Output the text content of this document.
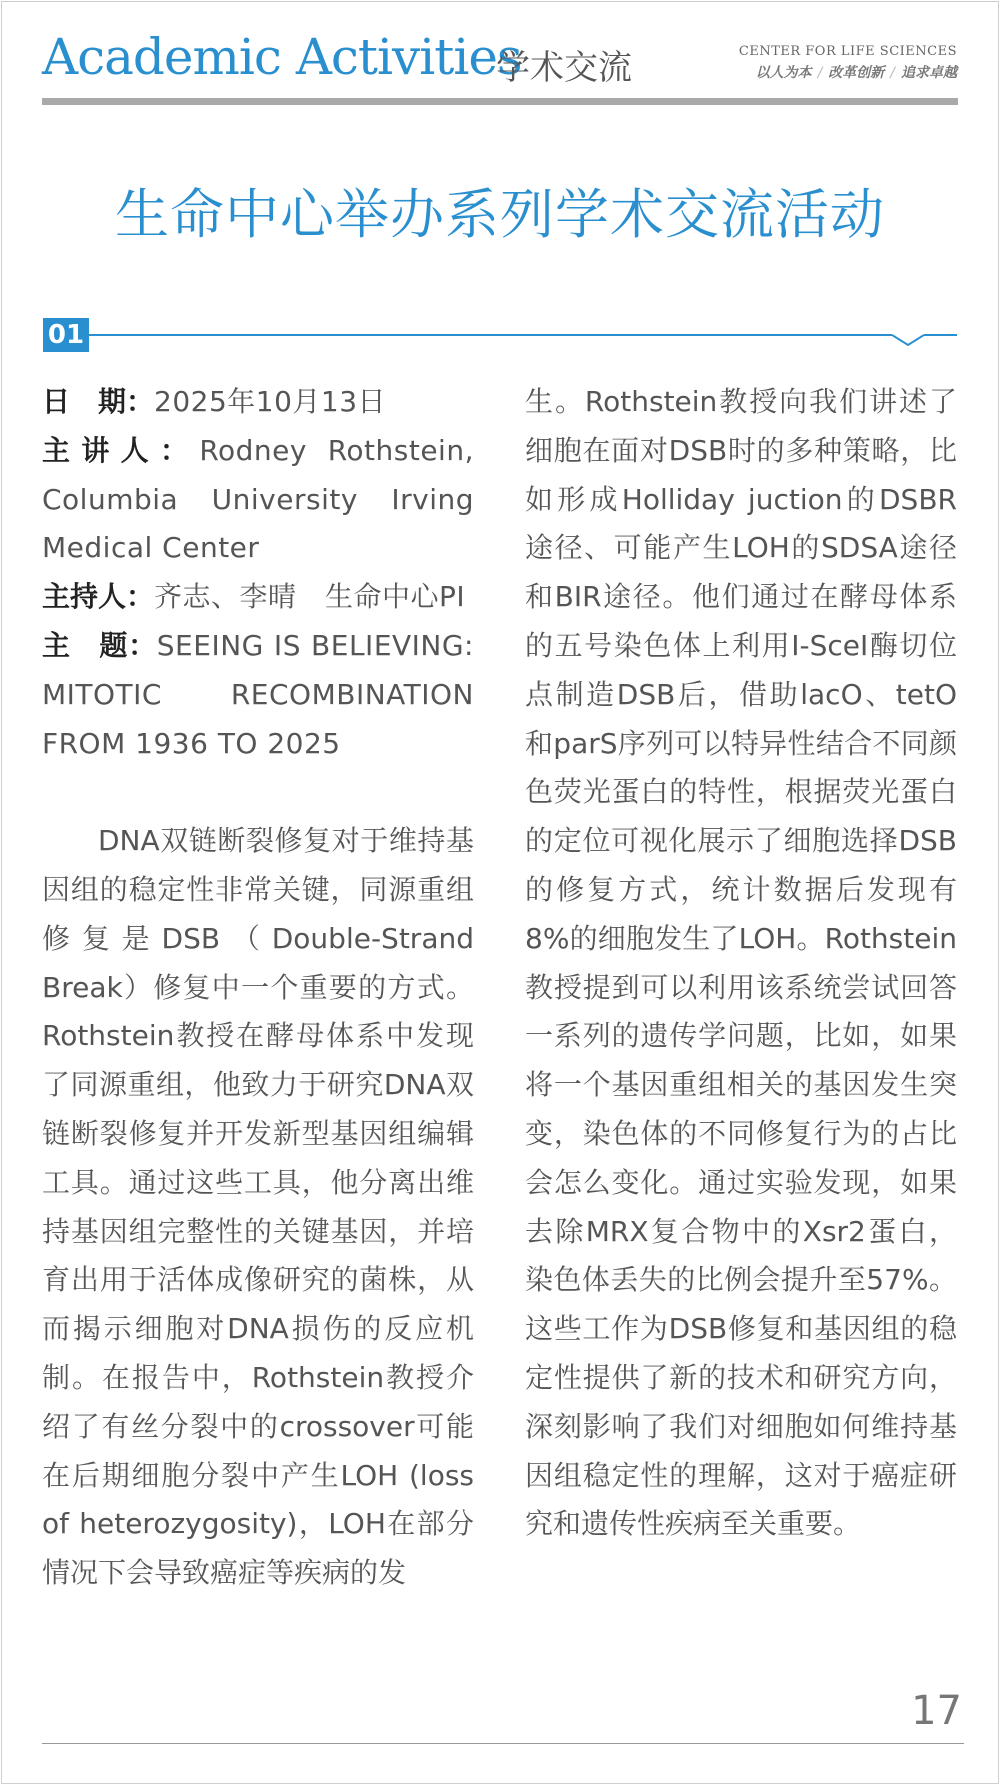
Academic Activities
学术交流	CENTER FOR LIFE SCIENCES
以人为本 / 改革创新 / 追求卓越
生命中心举办系列学术交流活动
01

日　期：2025年10月13日

主讲人：Rodney Rothstein, Columbia University Irving Medical Center

主持人：齐志、李晴　生命中心PI

主　题：SEEING IS BELIEVING: MITOTIC RECOMBINATION FROM 1936 TO 2025

DNA双链断裂修复对于维持基因组的稳定性非常关键，同源重组修复是DSB（Double-Strand Break）修复中一个重要的方式。Rothstein教授在酵母体系中发现了同源重组，他致力于研究DNA双链断裂修复并开发新型基因组编辑工具。通过这些工具，他分离出维持基因组完整性的关键基因，并培育出用于活体成像研究的菌株，从而揭示细胞对DNA损伤的反应机制。在报告中，Rothstein教授介绍了有丝分裂中的crossover可能在后期细胞分裂中产生LOH (loss of heterozygosity)，LOH在部分情况下会导致癌症等疾病的发

生。Rothstein教授向我们讲述了细胞在面对DSB时的多种策略，比如形成Holliday juction的DSBR途径、可能产生LOH的SDSA途径和BIR途径。他们通过在酵母体系的五号染色体上利用I-SceI酶切位点制造DSB后，借助lacO、tetO和parS序列可以特异性结合不同颜色荧光蛋白的特性，根据荧光蛋白的定位可视化展示了细胞选择DSB的修复方式，统计数据后发现有8%的细胞发生了LOH。Rothstein教授提到可以利用该系统尝试回答一系列的遗传学问题，比如，如果将一个基因重组相关的基因发生突变，染色体的不同修复行为的占比会怎么变化。通过实验发现，如果去除MRX复合物中的Xsr2蛋白，染色体丢失的比例会提升至57%。这些工作为DSB修复和基因组的稳定性提供了新的技术和研究方向，深刻影响了我们对细胞如何维持基因组稳定性的理解，这对于癌症研究和遗传性疾病至关重要。

17
